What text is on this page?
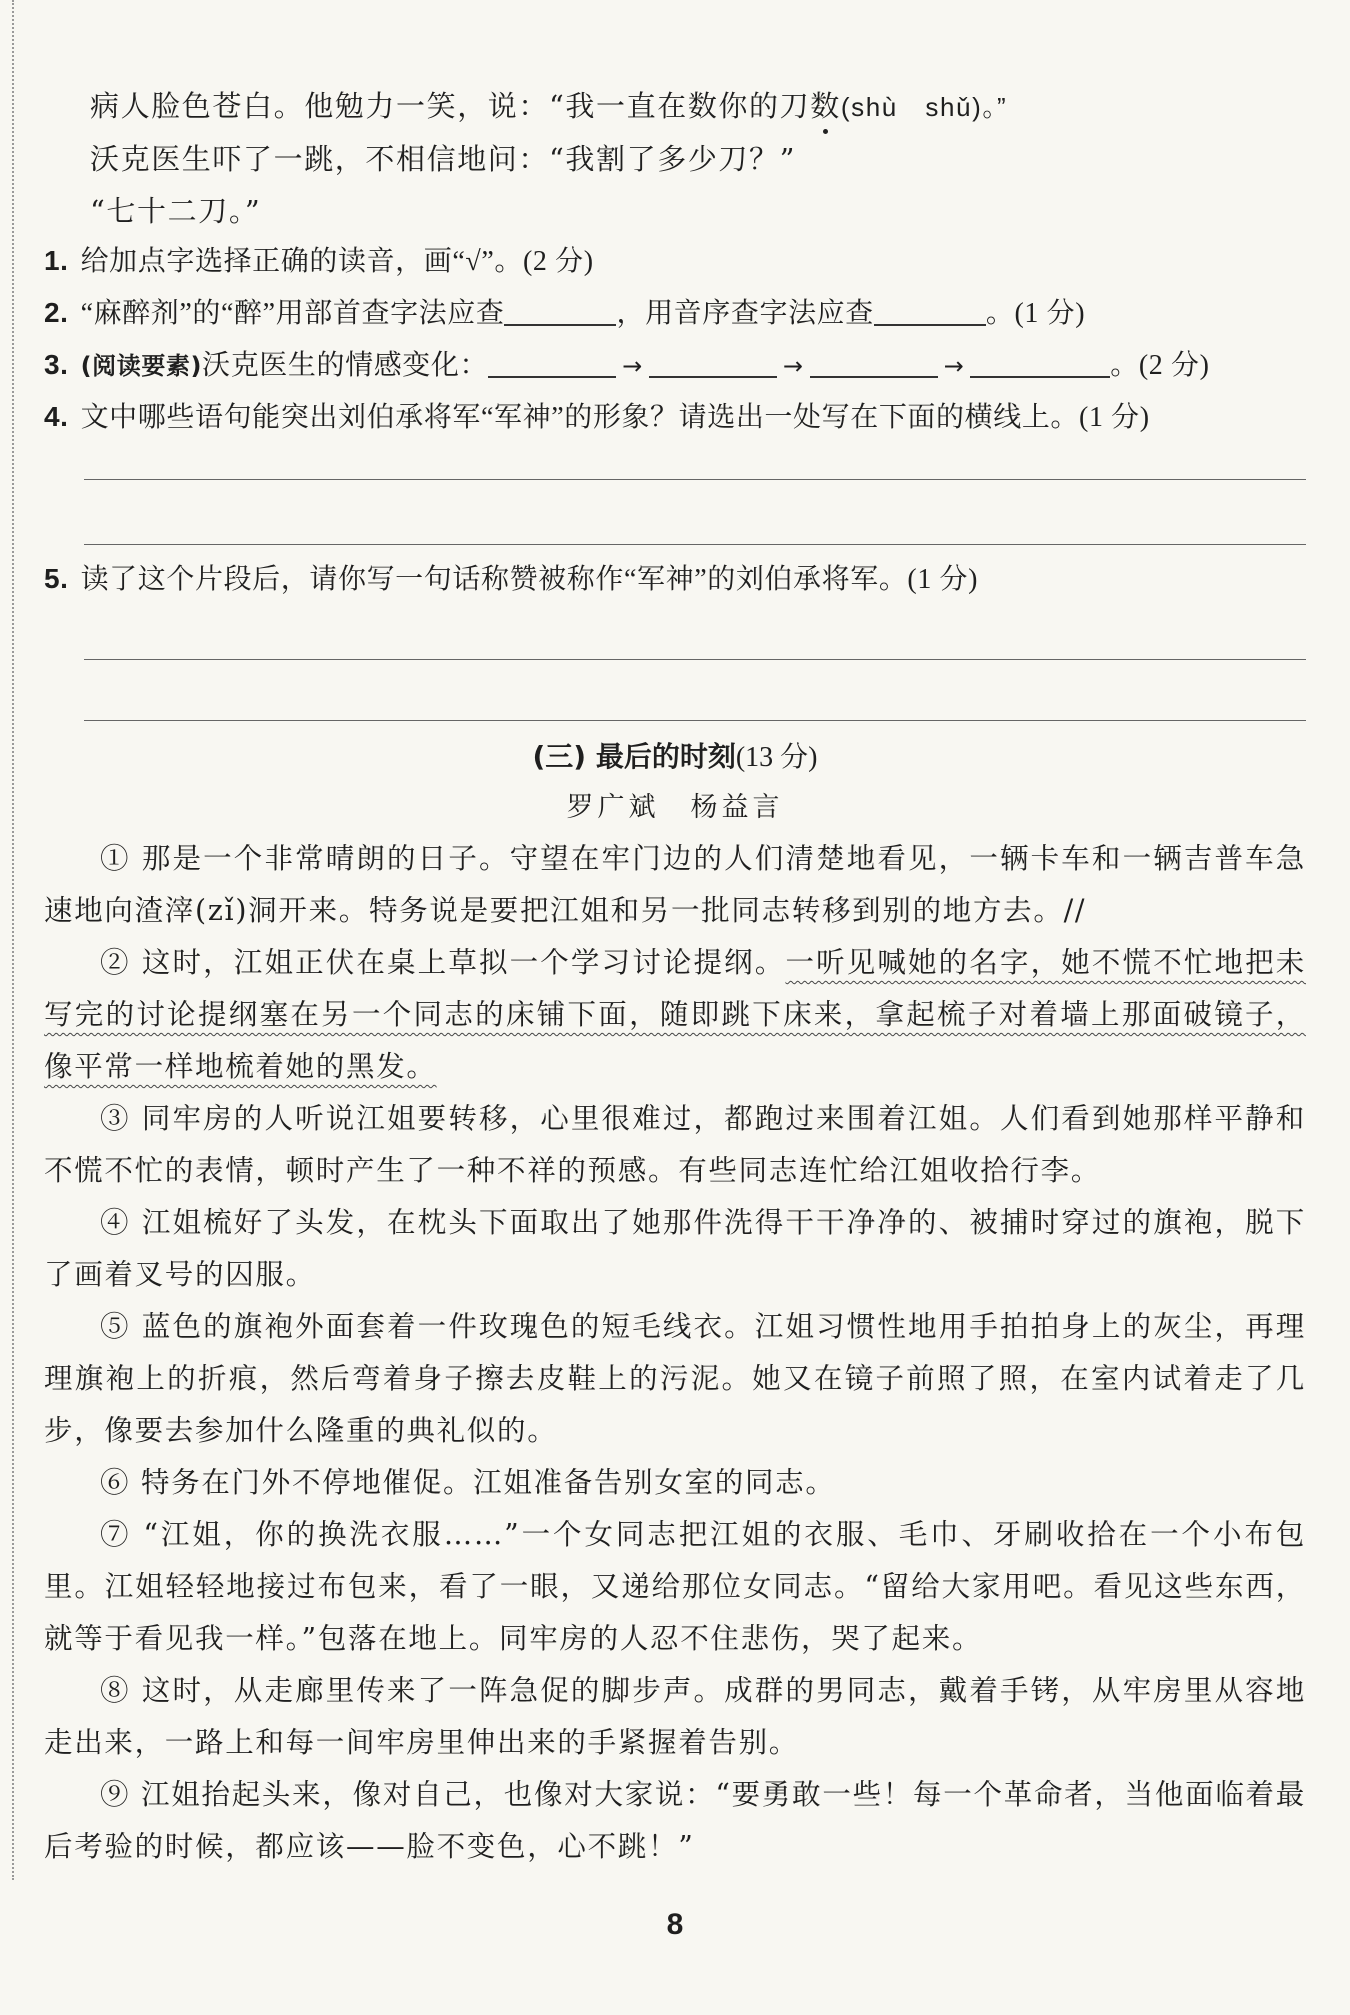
病人脸色苍白。他勉力一笑，说：“我一直在数你的刀数(shù　shǔ)。”
沃克医生吓了一跳，不相信地问：“我割了多少刀？”
“七十二刀。”
1. 给加点字选择正确的读音，画“√”。(2 分)
2. “麻醉剂”的“醉”用部首查字法应查	，用音序查字法应查	。(1 分)
3. (阅读要素)沃克医生的情感变化：	→	→	→	。(2 分)
4. 文中哪些语句能突出刘伯承将军“军神”的形象？请选出一处写在下面的横线上。(1 分)
5. 读了这个片段后，请你写一句话称赞被称作“军神”的刘伯承将军。(1 分)
(三) 最后的时刻(13 分)
罗广斌　杨益言

① 那是一个非常晴朗的日子。守望在牢门边的人们清楚地看见，一辆卡车和一辆吉普车急速地向渣滓(zǐ)洞开来。特务说是要把江姐和另一批同志转移到别的地方去。//

② 这时，江姐正伏在桌上草拟一个学习讨论提纲。一听见喊她的名字，她不慌不忙地把未写完的讨论提纲塞在另一个同志的床铺下面，随即跳下床来，拿起梳子对着墙上那面破镜子，像平常一样地梳着她的黑发。

③ 同牢房的人听说江姐要转移，心里很难过，都跑过来围着江姐。人们看到她那样平静和不慌不忙的表情，顿时产生了一种不祥的预感。有些同志连忙给江姐收拾行李。

④ 江姐梳好了头发，在枕头下面取出了她那件洗得干干净净的、被捕时穿过的旗袍，脱下了画着叉号的囚服。

⑤ 蓝色的旗袍外面套着一件玫瑰色的短毛线衣。江姐习惯性地用手拍拍身上的灰尘，再理理旗袍上的折痕，然后弯着身子擦去皮鞋上的污泥。她又在镜子前照了照，在室内试着走了几步，像要去参加什么隆重的典礼似的。

⑥ 特务在门外不停地催促。江姐准备告别女室的同志。

⑦ “江姐，你的换洗衣服……”一个女同志把江姐的衣服、毛巾、牙刷收拾在一个小布包里。江姐轻轻地接过布包来，看了一眼，又递给那位女同志。“留给大家用吧。看见这些东西，就等于看见我一样。”包落在地上。同牢房的人忍不住悲伤，哭了起来。

⑧ 这时，从走廊里传来了一阵急促的脚步声。成群的男同志，戴着手铐，从牢房里从容地走出来，一路上和每一间牢房里伸出来的手紧握着告别。

⑨ 江姐抬起头来，像对自己，也像对大家说：“要勇敢一些！每一个革命者，当他面临着最后考验的时候，都应该——脸不变色，心不跳！”

8
